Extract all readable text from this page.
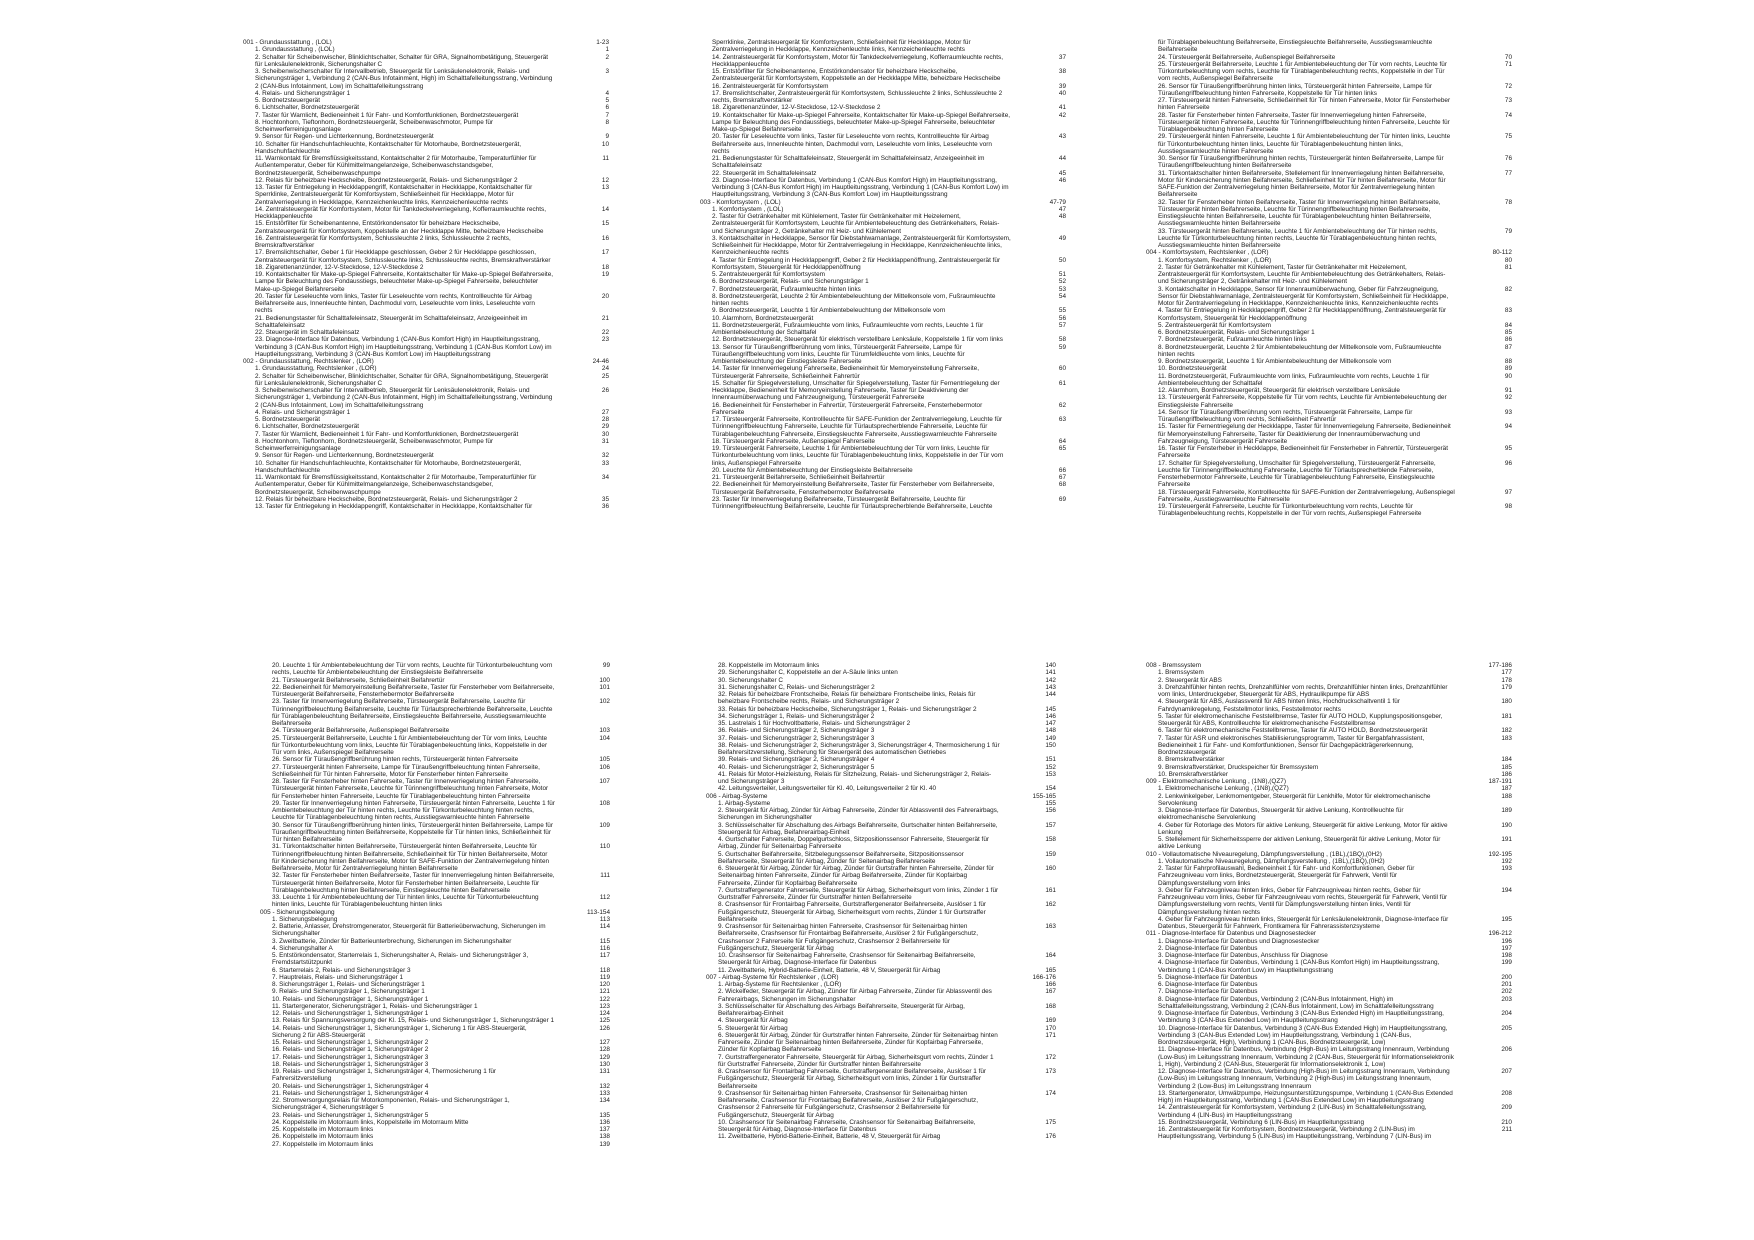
001 - Grundausstattung , (LOL)	1-23
1. Grundausstattung , (LOL)	1
2. Schalter für Scheibenwischer, Blinklichtschalter, Schalter für GRA, Signalhornbetätigung, Steuergerät für Lenksäulenelektronik, Sicherungshalter C
2
3. Scheibenwischerschalter für Intervallbetrieb, Steuergerät für Lenksäulenelektronik, Relais- und Sicherungsträger 1, Verbindung 2 (CAN-Bus Infotainment, High) im Schalttafelleitungsstrang, Verbindung 2 (CAN-Bus Infotainment, Low) im Schalttafelleitungsstrang
3
4. Relais- und Sicherungsträger 1	4
5. Bordnetzsteuergerät	5
6. Lichtschalter, Bordnetzsteuergerät	6
7. Taster für Warnlicht, Bedieneinheit 1 für Fahr- und Komfortfunktionen, Bordnetzsteuergerät	7
8. Hochtonhorn, Tieftonhorn, Bordnetzsteuergerät, Scheibenwaschmotor, Pumpe für Scheinwerferreinigungsanlage
8
9. Sensor für Regen- und Lichterkennung, Bordnetzsteuergerät	9
10. Schalter für Handschuhfachleuchte, Kontaktschalter für Motorhaube, Bordnetzsteuergerät, Handschuhfachleuchte
10
11. Warnkontakt für Bremsflüssigkeitsstand, Kontaktschalter 2 für Motorhaube, Temperaturfühler für Außentemperatur, Geber für Kühlmittelmangelanzeige, Scheibenwaschstandsgeber, Bordnetzsteuergerät, Scheibenwaschpumpe
11
12. Relais für beheizbare Heckscheibe, Bordnetzsteuergerät, Relais- und Sicherungsträger 2	12
13. Taster für Entriegelung in Heckklappengriff, Kontaktschalter in Heckklappe, Kontaktschalter für Sperrklinke, Zentralsteuergerät für Komfortsystem, Schließeinheit für Heckklappe, Motor für Zentralverriegelung in Heckklappe, Kennzeichenleuchte links, Kennzeichenleuchte rechts
13
14. Zentralsteuergerät für Komfortsystem, Motor für Tankdeckelverriegelung, Kofferraumleuchte rechts, Heckklappenleuchte
14
15. Entstörfilter für Scheibenantenne, Entstörkondensator für beheizbare Heckscheibe, Zentralsteuergerät für Komfortsystem, Koppelstelle an der Heckklappe Mitte, beheizbare Heckscheibe
15
16. Zentralsteuergerät für Komfortsystem, Schlussleuchte 2 links, Schlussleuchte 2 rechts, Bremskraftverstärker
16
17. Bremslichtschalter, Geber 1 für Heckklappe geschlossen, Geber 2 für Heckklappe geschlossen, Zentralsteuergerät für Komfortsystem, Schlussleuchte links, Schlussleuchte rechts, Bremskraftverstärker
17
18. Zigarettenanzünder, 12-V-Steckdose, 12-V-Steckdose 2	18
19. Kontaktschalter für Make-up-Spiegel Fahrerseite, Kontaktschalter für Make-up-Spiegel Beifahrerseite, Lampe für Beleuchtung des Fondausstiegs, beleuchteter Make-up-Spiegel Fahrerseite, beleuchteter Make-up-Spiegel Beifahrerseite
19
20. Taster für Leseleuchte vorn links, Taster für Leseleuchte vorn rechts, Kontrollleuchte für Airbag Beifahrerseite aus, Innenleuchte hinten, Dachmodul vorn, Leseleuchte vorn links, Leseleuchte vorn rechts
20
21. Bedienungstaster für Schalttafeleinsatz, Steuergerät im Schalttafeleinsatz, Anzeigeeinheit im Schalttafeleinsatz
21
22. Steuergerät im Schalttafeleinsatz	22
23. Diagnose-Interface für Datenbus, Verbindung 1 (CAN-Bus Komfort High) im Hauptleitungsstrang, Verbindung 3 (CAN-Bus Komfort High) im Hauptleitungsstrang, Verbindung 1 (CAN-Bus Komfort Low) im Hauptleitungsstrang, Verbindung 3 (CAN-Bus Komfort Low) im Hauptleitungsstrang
23
002 - Grundausstattung, Rechtslenker , (LOR)	24-46
1. Grundausstattung, Rechtslenker , (LOR)	24
2. Schalter für Scheibenwischer, Blinklichtschalter, Schalter für GRA, Signalhornbetätigung, Steuergerät für Lenksäulenelektronik, Sicherungshalter C
25
3. Scheibenwischerschalter für Intervallbetrieb, Steuergerät für Lenksäulenelektronik, Relais- und Sicherungsträger 1, Verbindung 2 (CAN-Bus Infotainment, High) im Schalttafelleitungsstrang, Verbindung 2 (CAN-Bus Infotainment, Low) im Schalttafelleitungsstrang
26
4. Relais- und Sicherungsträger 1	27
5. Bordnetzsteuergerät	28
6. Lichtschalter, Bordnetzsteuergerät	29
7. Taster für Warnlicht, Bedieneinheit 1 für Fahr- und Komfortfunktionen, Bordnetzsteuergerät	30
8. Hochtonhorn, Tieftonhorn, Bordnetzsteuergerät, Scheibenwaschmotor, Pumpe für Scheinwerferreinigungsanlage
31
9. Sensor für Regen- und Lichterkennung, Bordnetzsteuergerät	32
10. Schalter für Handschuhfachleuchte, Kontaktschalter für Motorhaube, Bordnetzsteuergerät, Handschuhfachleuchte
33
11. Warnkontakt für Bremsflüssigkeitsstand, Kontaktschalter 2 für Motorhaube, Temperaturfühler für Außentemperatur, Geber für Kühlmittelmangelanzeige, Scheibenwaschstandsgeber, Bordnetzsteuergerät, Scheibenwaschpumpe
34
12. Relais für beheizbare Heckscheibe, Bordnetzsteuergerät, Relais- und Sicherungsträger 2	35
13. Taster für Entriegelung in Heckklappengriff, Kontaktschalter in Heckklappe, Kontaktschalter für	36
Sperrklinke, Zentralsteuergerät für Komfortsystem, Schließeinheit für Heckklappe, Motor für Zentralverriegelung in Heckklappe, Kennzeichenleuchte links, Kennzeichenleuchte rechts
14. Zentralsteuergerät für Komfortsystem, Motor für Tankdeckelverriegelung, Kofferraumleuchte rechts, Heckklappenleuchte
37
15. Entstörfilter für Scheibenantenne, Entstörkondensator für beheizbare Heckscheibe, Zentralsteuergerät für Komfortsystem, Koppelstelle an der Heckklappe Mitte, beheizbare Heckscheibe
38
16. Zentralsteuergerät für Komfortsystem	39
17. Bremslichtschalter, Zentralsteuergerät für Komfortsystem, Schlussleuchte 2 links, Schlussleuchte 2 rechts, Bremskraftverstärker
40
18. Zigarettenanzünder, 12-V-Steckdose, 12-V-Steckdose 2	41
19. Kontaktschalter für Make-up-Spiegel Fahrerseite, Kontaktschalter für Make-up-Spiegel Beifahrerseite, Lampe für Beleuchtung des Fondausstiegs, beleuchteter Make-up-Spiegel Fahrerseite, beleuchteter Make-up-Spiegel Beifahrerseite
42
20. Taster für Leseleuchte vorn links, Taster für Leseleuchte vorn rechts, Kontrollleuchte für Airbag Beifahrerseite aus, Innenleuchte hinten, Dachmodul vorn, Leseleuchte vorn links, Leseleuchte vorn rechts
43
21. Bedienungstaster für Schalttafeleinsatz, Steuergerät im Schalttafeleinsatz, Anzeigeeinheit im Schalttafeleinsatz
44
22. Steuergerät im Schalttafeleinsatz	45
23. Diagnose-Interface für Datenbus, Verbindung 1 (CAN-Bus Komfort High) im Hauptleitungsstrang, Verbindung 3 (CAN-Bus Komfort High) im Hauptleitungsstrang, Verbindung 1 (CAN-Bus Komfort Low) im Hauptleitungsstrang, Verbindung 3 (CAN-Bus Komfort Low) im Hauptleitungsstrang
46
003 - Komfortsystem , (LOL)	47-79
1. Komfortsystem , (LOL)	47
2. Taster für Getränkehalter mit Kühlelement, Taster für Getränkehalter mit Heizelement, Zentralsteuergerät für Komfortsystem, Leuchte für Ambientebeleuchtung des Getränkehalters, Relais- und Sicherungsträger 2, Getränkehalter mit Heiz- und Kühlelement
48
3. Kontaktschalter in Heckklappe, Sensor für Diebstahlwarnanlage, Zentralsteuergerät für Komfortsystem, Schließeinheit für Heckklappe, Motor für Zentralverriegelung in Heckklappe, Kennzeichenleuchte links, Kennzeichenleuchte rechts
49
4. Taster für Entriegelung in Heckklappengriff, Geber 2 für Heckklappenöffnung, Zentralsteuergerät für Komfortsystem, Steuergerät für Heckklappenöffnung
50
5. Zentralsteuergerät für Komfortsystem	51
6. Bordnetzsteuergerät, Relais- und Sicherungsträger 1	52
7. Bordnetzsteuergerät, Fußraumleuchte hinten links	53
8. Bordnetzsteuergerät, Leuchte 2 für Ambientebeleuchtung der Mittelkonsole vorn, Fußraumleuchte hinten rechts
54
9. Bordnetzsteuergerät, Leuchte 1 für Ambientebeleuchtung der Mittelkonsole vorn	55
10. Alarmhorn, Bordnetzsteuergerät	56
11. Bordnetzsteuergerät, Fußraumleuchte vorn links, Fußraumleuchte vorn rechts, Leuchte 1 für Ambientebeleuchtung der Schalttafel
57
12. Bordnetzsteuergerät, Steuergerät für elektrisch verstellbare Lenksäule, Koppelstelle 1 für vorn links	58
13. Sensor für Türaußengriffberührung vorn links, Türsteuergerät Fahrerseite, Lampe für Türaußengriffbeleuchtung vorn links, Leuchte für Türumfeldleuchte vorn links, Leuchte für Ambientebeleuchtung der Einstiegsleiste Fahrerseite
59
14. Taster für Innenverriegelung Fahrerseite, Bedieneinheit für Memoryeinstellung Fahrerseite, Türsteuergerät Fahrerseite, Schließeinheit Fahrertür
60
15. Schalter für Spiegelverstellung, Umschalter für Spiegelverstellung, Taster für Fernentriegelung der Heckklappe, Bedieneinheit für Memoryeinstellung Fahrerseite, Taster für Deaktivierung der Innenraumüberwachung und Fahrzeugneigung, Türsteuergerät Fahrerseite
61
16. Bedieneinheit für Fensterheber in Fahrertür, Türsteuergerät Fahrerseite, Fensterhebermotor Fahrerseite
62
17. Türsteuergerät Fahrerseite, Kontrollleuchte für SAFE-Funktion der Zentralverriegelung, Leuchte für Türinnengriffbeleuchtung Fahrerseite, Leuchte für Türlautsprecherblende Fahrerseite, Leuchte für Türablagenbeleuchtung Fahrerseite, Einstiegsleuchte Fahrerseite, Ausstiegswarnleuchte Fahrerseite
63
18. Türsteuergerät Fahrerseite, Außenspiegel Fahrerseite	64
19. Türsteuergerät Fahrerseite, Leuchte 1 für Ambientebeleuchtung der Tür vorn links, Leuchte für Türkonturbeleuchtung vorn links, Leuchte für Türablagenbeleuchtung links, Koppelstelle in der Tür vorn links, Außenspiegel Fahrerseite
65
20. Leuchte für Ambientebeleuchtung der Einstiegsleiste Beifahrerseite	66
21. Türsteuergerät Beifahrerseite, Schließeinheit Beifahrertür	67
22. Bedieneinheit für Memoryeinstellung Beifahrerseite, Taster für Fensterheber vorn Beifahrerseite, Türsteuergerät Beifahrerseite, Fensterhebermotor Beifahrerseite
68
23. Taster für Innenverriegelung Beifahrerseite, Türsteuergerät Beifahrerseite, Leuchte für Türinnengriffbeleuchtung Beifahrerseite, Leuchte für Türlautsprecherblende Beifahrerseite, Leuchte
69
für Türablagenbeleuchtung Beifahrerseite, Einstiegsleuchte Beifahrerseite, Ausstiegswarnleuchte Beifahrerseite
24. Türsteuergerät Beifahrerseite, Außenspiegel Beifahrerseite	70
25. Türsteuergerät Beifahrerseite, Leuchte 1 für Ambientebeleuchtung der Tür vorn rechts, Leuchte für Türkonturbeleuchtung vorn rechts, Leuchte für Türablagenbeleuchtung rechts, Koppelstelle in der Tür vorn rechts, Außenspiegel Beifahrerseite
71
26. Sensor für Türaußengriffberührung hinten links, Türsteuergerät hinten Fahrerseite, Lampe für Türaußengriffbeleuchtung hinten Fahrerseite, Koppelstelle für Tür hinten links
72
27. Türsteuergerät hinten Fahrerseite, Schließeinheit für Tür hinten Fahrerseite, Motor für Fensterheber hinten Fahrerseite
73
28. Taster für Fensterheber hinten Fahrerseite, Taster für Innenverriegelung hinten Fahrerseite, Türsteuergerät hinten Fahrerseite, Leuchte für Türinnengriffbeleuchtung hinten Fahrerseite, Leuchte für Türablagenbeleuchtung hinten Fahrerseite
74
29. Türsteuergerät hinten Fahrerseite, Leuchte 1 für Ambientebeleuchtung der Tür hinten links, Leuchte für Türkonturbeleuchtung hinten links, Leuchte für Türablagenbeleuchtung hinten links, Ausstiegswarnleuchte hinten Fahrerseite
75
30. Sensor für Türaußengriffberührung hinten rechts, Türsteuergerät hinten Beifahrerseite, Lampe für Türaußengriffbeleuchtung hinten Beifahrerseite
76
31. Türkontaktschalter hinten Beifahrerseite, Stellelement für Innenverriegelung hinten Beifahrerseite, Motor für Kindersicherung hinten Beifahrerseite, Schließeinheit für Tür hinten Beifahrerseite, Motor für SAFE-Funktion der Zentralverriegelung hinten Beifahrerseite, Motor für Zentralverriegelung hinten Beifahrerseite
77
32. Taster für Fensterheber hinten Beifahrerseite, Taster für Innenverriegelung hinten Beifahrerseite, Türsteuergerät hinten Beifahrerseite, Leuchte für Türinnengriffbeleuchtung hinten Beifahrerseite, Einstiegsleuchte hinten Beifahrerseite, Leuchte für Türablagenbeleuchtung hinten Beifahrerseite, Ausstiegswarnleuchte hinten Beifahrerseite
78
33. Türsteuergerät hinten Beifahrerseite, Leuchte 1 für Ambientebeleuchtung der Tür hinten rechts, Leuchte für Türkonturbeleuchtung hinten rechts, Leuchte für Türablagenbeleuchtung hinten rechts, Ausstiegswarnleuchte hinten Beifahrerseite
79
004 - Komfortsystem, Rechtslenker , (LOR)	80-112
1. Komfortsystem, Rechtslenker , (LOR)	80
2. Taster für Getränkehalter mit Kühlelement, Taster für Getränkehalter mit Heizelement, Zentralsteuergerät für Komfortsystem, Leuchte für Ambientebeleuchtung des Getränkehalters, Relais- und Sicherungsträger 2, Getränkehalter mit Heiz- und Kühlelement
81
3. Kontaktschalter in Heckklappe, Sensor für Innenraumüberwachung, Geber für Fahrzeugneigung, Sensor für Diebstahlwarnanlage, Zentralsteuergerät für Komfortsystem, Schließeinheit für Heckklappe, Motor für Zentralverriegelung in Heckklappe, Kennzeichenleuchte links, Kennzeichenleuchte rechts
82
4. Taster für Entriegelung in Heckklappengriff, Geber 2 für Heckklappenöffnung, Zentralsteuergerät für Komfortsystem, Steuergerät für Heckklappenöffnung
83
5. Zentralsteuergerät für Komfortsystem	84
6. Bordnetzsteuergerät, Relais- und Sicherungsträger 1	85
7. Bordnetzsteuergerät, Fußraumleuchte hinten links	86
8. Bordnetzsteuergerät, Leuchte 2 für Ambientebeleuchtung der Mittelkonsole vorn, Fußraumleuchte hinten rechts
87
9. Bordnetzsteuergerät, Leuchte 1 für Ambientebeleuchtung der Mittelkonsole vorn	88
10. Bordnetzsteuergerät	89
11. Bordnetzsteuergerät, Fußraumleuchte vorn links, Fußraumleuchte vorn rechts, Leuchte 1 für Ambientebeleuchtung der Schalttafel
90
12. Alarmhorn, Bordnetzsteuergerät, Steuergerät für elektrisch verstellbare Lenksäule	91
13. Türsteuergerät Fahrerseite, Koppelstelle für Tür vorn rechts, Leuchte für Ambientebeleuchtung der Einstiegsleiste Fahrerseite
92
14. Sensor für Türaußengriffberührung vorn rechts, Türsteuergerät Fahrerseite, Lampe für Türaußengriffbeleuchtung vorn rechts, Schließeinheit Fahrertür
93
15. Taster für Fernentriegelung der Heckklappe, Taster für Innenverriegelung Fahrerseite, Bedieneinheit für Memoryeinstellung Fahrerseite, Taster für Deaktivierung der Innenraumüberwachung und Fahrzeugneigung, Türsteuergerät Fahrerseite
94
16. Taster für Fensterheber in Heckklappe, Bedieneinheit für Fensterheber in Fahrertür, Türsteuergerät Fahrerseite
95
17. Schalter für Spiegelverstellung, Umschalter für Spiegelverstellung, Türsteuergerät Fahrerseite, Leuchte für Türinnengriffbeleuchtung Fahrerseite, Leuchte für Türlautsprecherblende Fahrerseite, Fensterhebermotor Fahrerseite, Leuchte für Türablagenbeleuchtung Fahrerseite, Einstiegsleuchte Fahrerseite
96
18. Türsteuergerät Fahrerseite, Kontrollleuchte für SAFE-Funktion der Zentralverriegelung, Außenspiegel Fahrerseite, Ausstiegswarnleuchte Fahrerseite
97
19. Türsteuergerät Fahrerseite, Leuchte für Türkonturbeleuchtung vorn rechts, Leuchte für Türablagenbeleuchtung rechts, Koppelstelle in der Tür vorn rechts, Außenspiegel Fahrerseite
98
20. Leuchte 1 für Ambientebeleuchtung der Tür vorn rechts, Leuchte für Türkonturbeleuchtung vorn rechts, Leuchte für Ambientebeleuchtung der Einstiegsleiste Beifahrerseite
99
21. Türsteuergerät Beifahrerseite, Schließeinheit Beifahrertür	100
22. Bedieneinheit für Memoryeinstellung Beifahrerseite, Taster für Fensterheber vorn Beifahrerseite, Türsteuergerät Beifahrerseite, Fensterhebermotor Beifahrerseite
101
23. Taster für Innenverriegelung Beifahrerseite, Türsteuergerät Beifahrerseite, Leuchte für Türinnengriffbeleuchtung Beifahrerseite, Leuchte für Türlautsprecherblende Beifahrerseite, Leuchte für Türablagenbeleuchtung Beifahrerseite, Einstiegsleuchte Beifahrerseite, Ausstiegswarnleuchte Beifahrerseite
102
24. Türsteuergerät Beifahrerseite, Außenspiegel Beifahrerseite	103
25. Türsteuergerät Beifahrerseite, Leuchte 1 für Ambientebeleuchtung der Tür vorn links, Leuchte für Türkonturbeleuchtung vorn links, Leuchte für Türablagenbeleuchtung links, Koppelstelle in der Tür vorn links, Außenspiegel Beifahrerseite
104
26. Sensor für Türaußengriffberührung hinten rechts, Türsteuergerät hinten Fahrerseite	105
27. Türsteuergerät hinten Fahrerseite, Lampe für Türaußengriffbeleuchtung hinten Fahrerseite, Schließeinheit für Tür hinten Fahrerseite, Motor für Fensterheber hinten Fahrerseite
106
28. Taster für Fensterheber hinten Fahrerseite, Taster für Innenverriegelung hinten Fahrerseite, Türsteuergerät hinten Fahrerseite, Leuchte für Türinnengriffbeleuchtung hinten Fahrerseite, Motor für Fensterheber hinten Fahrerseite, Leuchte für Türablagenbeleuchtung hinten Fahrerseite
107
29. Taster für Innenverriegelung hinten Fahrerseite, Türsteuergerät hinten Fahrerseite, Leuchte 1 für Ambientebeleuchtung der Tür hinten rechts, Leuchte für Türkonturbeleuchtung hinten rechts, Leuchte für Türablagenbeleuchtung hinten rechts, Ausstiegswarnleuchte hinten Fahrerseite
108
30. Sensor für Türaußengriffberührung hinten links, Türsteuergerät hinten Beifahrerseite, Lampe für Türaußengriffbeleuchtung hinten Beifahrerseite, Koppelstelle für Tür hinten links, Schließeinheit für Tür hinten Beifahrerseite
109
31. Türkontaktschalter hinten Beifahrerseite, Türsteuergerät hinten Beifahrerseite, Leuchte für Türinnengriffbeleuchtung hinten Beifahrerseite, Schließeinheit für Tür hinten Beifahrerseite, Motor für Kindersicherung hinten Beifahrerseite, Motor für SAFE-Funktion der Zentralverriegelung hinten Beifahrerseite, Motor für Zentralverriegelung hinten Beifahrerseite
110
32. Taster für Fensterheber hinten Beifahrerseite, Taster für Innenverriegelung hinten Beifahrerseite, Türsteuergerät hinten Beifahrerseite, Motor für Fensterheber hinten Beifahrerseite, Leuchte für Türablagenbeleuchtung hinten Beifahrerseite, Einstiegsleuchte hinten Beifahrerseite
111
33. Leuchte 1 für Ambientebeleuchtung der Tür hinten links, Leuchte für Türkonturbeleuchtung hinten links, Leuchte für Türablagenbeleuchtung hinten links
112
005 - Sicherungsbelegung	113-154
1. Sicherungsbelegung	113
2. Batterie, Anlasser, Drehstromgenerator, Steuergerät für Batterieüberwachung, Sicherungen im Sicherungshalter
114
3. Zweitbatterie, Zünder für Batterieunterbrechung, Sicherungen im Sicherungshalter	115
4. Sicherungshalter A	116
5. Entstörkondensator, Starterrelais 1, Sicherungshalter A, Relais- und Sicherungsträger 3, Fremdstartstützpunkt
117
6. Starterrelais 2, Relais- und Sicherungsträger 3	118
7. Hauptrelais, Relais- und Sicherungsträger 1	119
8. Sicherungsträger 1, Relais- und Sicherungsträger 1	120
9. Relais- und Sicherungsträger 1, Sicherungsträger 1	121
10. Relais- und Sicherungsträger 1, Sicherungsträger 1	122
11. Startergenerator, Sicherungsträger 1, Relais- und Sicherungsträger 1	123
12. Relais- und Sicherungsträger 1, Sicherungsträger 1	124
13. Relais für Spannungsversorgung der Kl. 15, Relais- und Sicherungsträger 1, Sicherungsträger 1	125
14. Relais- und Sicherungsträger 1, Sicherungsträger 1, Sicherung 1 für ABS-Steuergerät, Sicherung 2 für ABS-Steuergerät
126
15. Relais- und Sicherungsträger 1, Sicherungsträger 2	127
16. Relais- und Sicherungsträger 1, Sicherungsträger 2	128
17. Relais- und Sicherungsträger 1, Sicherungsträger 3	129
18. Relais- und Sicherungsträger 1, Sicherungsträger 3	130
19. Relais- und Sicherungsträger 1, Sicherungsträger 4, Thermosicherung 1 für Fahrersitzverstellung
131
20. Relais- und Sicherungsträger 1, Sicherungsträger 4	132
21. Relais- und Sicherungsträger 1, Sicherungsträger 4	133
22. Stromversorgungsrelais für Motorkomponenten, Relais- und Sicherungsträger 1, Sicherungsträger 4, Sicherungsträger 5
134
23. Relais- und Sicherungsträger 1, Sicherungsträger 5	135
24. Koppelstelle im Motorraum links, Koppelstelle im Motorraum Mitte	136
25. Koppelstelle im Motorraum links	137
26. Koppelstelle im Motorraum links	138
27. Koppelstelle im Motorraum links	139
28. Koppelstelle im Motorraum links	140
29. Sicherungshalter C, Koppelstelle an der A-Säule links unten	141
30. Sicherungshalter C	142
31. Sicherungshalter C, Relais- und Sicherungsträger 2	143
32. Relais für beheizbare Frontscheibe, Relais für beheizbare Frontscheibe links, Relais für beheizbare Frontscheibe rechts, Relais- und Sicherungsträger 2
144
33. Relais für beheizbare Heckscheibe, Sicherungsträger 1, Relais- und Sicherungsträger 2	145
34. Sicherungsträger 1, Relais- und Sicherungsträger 2	146
35. Lastrelais 1 für Hochvoltbatterie, Relais- und Sicherungsträger 2	147
36. Relais- und Sicherungsträger 2, Sicherungsträger 3	148
37. Relais- und Sicherungsträger 2, Sicherungsträger 3	149
38. Relais- und Sicherungsträger 2, Sicherungsträger 3, Sicherungsträger 4, Thermosicherung 1 für Beifahrersitzverstellung, Sicherung für Steuergerät des automatischen Getriebes
150
39. Relais- und Sicherungsträger 2, Sicherungsträger 4	151
40. Relais- und Sicherungsträger 2, Sicherungsträger 5	152
41. Relais für Motor-Heizleistung, Relais für Sitzheizung, Relais- und Sicherungsträger 2, Relais- und Sicherungsträger 3
153
42. Leitungsverteiler, Leitungsverteiler für Kl. 40, Leitungsverteiler 2 für Kl. 40	154
006 - Airbag-Systeme	155-165
1. Airbag-Systeme	155
2. Steuergerät für Airbag, Zünder für Airbag Fahrerseite, Zünder für Ablassventil des Fahrerairbags, Sicherungen im Sicherungshalter
156
3. Schlüsselschalter für Abschaltung des Airbags Beifahrerseite, Gurtschalter hinten Beifahrerseite, Steuergerät für Airbag, Beifahrerairbag-Einheit
157
4. Gurtschalter Fahrerseite, Doppelgurtschloss, Sitzpositionssensor Fahrerseite, Steuergerät für Airbag, Zünder für Seitenairbag Fahrerseite
158
5. Gurtschalter Beifahrerseite, Sitzbelegungssensor Beifahrerseite, Sitzpositionssensor Beifahrerseite, Steuergerät für Airbag, Zünder für Seitenairbag Beifahrerseite
159
6. Steuergerät für Airbag, Zünder für Airbag, Zünder für Gurtstraffer hinten Fahrerseite, Zünder für Seitenairbag hinten Fahrerseite, Zünder für Airbag Beifahrerseite, Zünder für Kopfairbag Fahrerseite, Zünder für Kopfairbag Beifahrerseite
160
7. Gurtstraffergenerator Fahrerseite, Steuergerät für Airbag, Sicherheitsgurt vorn links, Zünder 1 für Gurtstraffer Fahrerseite, Zünder für Gurtstraffer hinten Beifahrerseite
161
8. Crashsensor für Frontairbag Fahrerseite, Gurtstraffergenerator Beifahrerseite, Auslöser 1 für Fußgängerschutz, Steuergerät für Airbag, Sicherheitsgurt vorn rechts, Zünder 1 für Gurtstraffer Beifahrerseite
162
9. Crashsensor für Seitenairbag hinten Fahrerseite, Crashsensor für Seitenairbag hinten Beifahrerseite, Crashsensor für Frontairbag Beifahrerseite, Auslöser 2 für Fußgängerschutz, Crashsensor 2 Fahrerseite für Fußgängerschutz, Crashsensor 2 Beifahrerseite für Fußgängerschutz, Steuergerät für Airbag
163
10. Crashsensor für Seitenairbag Fahrerseite, Crashsensor für Seitenairbag Beifahrerseite, Steuergerät für Airbag, Diagnose-Interface für Datenbus
164
11. Zweitbatterie, Hybrid-Batterie-Einheit, Batterie, 48 V, Steuergerät für Airbag	165
007 - Airbag-Systeme für Rechtslenker , (LOR)	166-176
1. Airbag-Systeme für Rechtslenker , (LOR)	166
2. Wickelfeder, Steuergerät für Airbag, Zünder für Airbag Fahrerseite, Zünder für Ablassventil des Fahrerairbags, Sicherungen im Sicherungshalter
167
3. Schlüsselschalter für Abschaltung des Airbags Beifahrerseite, Steuergerät für Airbag, Beifahrerairbag-Einheit
168
4. Steuergerät für Airbag	169
5. Steuergerät für Airbag	170
6. Steuergerät für Airbag, Zünder für Gurtstraffer hinten Fahrerseite, Zünder für Seitenairbag hinten Fahrerseite, Zünder für Seitenairbag hinten Beifahrerseite, Zünder für Kopfairbag Fahrerseite, Zünder für Kopfairbag Beifahrerseite
171
7. Gurtstraffergenerator Fahrerseite, Steuergerät für Airbag, Sicherheitsgurt vorn rechts, Zünder 1 für Gurtstraffer Fahrerseite, Zünder für Gurtstraffer hinten Beifahrerseite
172
8. Crashsensor für Frontairbag Fahrerseite, Gurtstraffergenerator Beifahrerseite, Auslöser 1 für Fußgängerschutz, Steuergerät für Airbag, Sicherheitsgurt vorn links, Zünder 1 für Gurtstraffer Beifahrerseite
173
9. Crashsensor für Seitenairbag hinten Fahrerseite, Crashsensor für Seitenairbag hinten Beifahrerseite, Crashsensor für Frontairbag Beifahrerseite, Auslöser 2 für Fußgängerschutz, Crashsensor 2 Fahrerseite für Fußgängerschutz, Crashsensor 2 Beifahrerseite für Fußgängerschutz, Steuergerät für Airbag
174
10. Crashsensor für Seitenairbag Fahrerseite, Crashsensor für Seitenairbag Beifahrerseite, Steuergerät für Airbag, Diagnose-Interface für Datenbus
175
11. Zweitbatterie, Hybrid-Batterie-Einheit, Batterie, 48 V, Steuergerät für Airbag	176
008 - Bremssystem	177-186
1. Bremssystem	177
2. Steuergerät für ABS	178
3. Drehzahlfühler hinten rechts, Drehzahlfühler vorn rechts, Drehzahlfühler hinten links, Drehzahlfühler vorn links, Unterdruckgeber, Steuergerät für ABS, Hydraulikpumpe für ABS
179
4. Steuergerät für ABS, Auslassventil für ABS hinten links, Hochdruckschaltventil 1 für Fahrdynamikregelung, Feststellmotor links, Feststellmotor rechts
180
5. Taster für elektromechanische Feststellbremse, Taster für AUTO HOLD, Kupplungspositionsgeber, Steuergerät für ABS, Kontrollleuchte für elektromechanische Feststellbremse
181
6. Taster für elektromechanische Feststellbremse, Taster für AUTO HOLD, Bordnetzsteuergerät	182
7. Taster für ASR und elektronisches Stabilisierungsprogramm, Taster für Bergabfahrassistent, Bedieneinheit 1 für Fahr- und Komfortfunktionen, Sensor für Dachgepäckträgererkennung, Bordnetzsteuergerät
183
8. Bremskraftverstärker	184
9. Bremskraftverstärker, Druckspeicher für Bremssystem	185
10. Bremskraftverstärker	186
009 - Elektromechanische Lenkung , (1N8),(QZ7)	187-191
1. Elektromechanische Lenkung , (1N8),(QZ7)	187
2. Lenkwinkelgeber, Lenkmomentgeber, Steuergerät für Lenkhilfe, Motor für elektromechanische Servolenkung
188
3. Diagnose-Interface für Datenbus, Steuergerät für aktive Lenkung, Kontrollleuchte für elektromechanische Servolenkung
189
4. Geber für Rotorlage des Motors für aktive Lenkung, Steuergerät für aktive Lenkung, Motor für aktive Lenkung
190
5. Stellelement für Sicherheitssperre der aktiven Lenkung, Steuergerät für aktive Lenkung, Motor für aktive Lenkung
191
010 - Vollautomatische Niveauregelung, Dämpfungsverstellung , (1BL),(1BQ),(0H2)	192-195
1. Vollautomatische Niveauregelung, Dämpfungsverstellung , (1BL),(1BQ),(0H2)	192
2. Taster für Fahrprofilauswahl, Bedieneinheit 1 für Fahr- und Komfortfunktionen, Geber für Fahrzeugniveau vorn links, Bordnetzsteuergerät, Steuergerät für Fahrwerk, Ventil für Dämpfungsverstellung vorn links
193
3. Geber für Fahrzeugniveau hinten links, Geber für Fahrzeugniveau hinten rechts, Geber für Fahrzeugniveau vorn links, Geber für Fahrzeugniveau vorn rechts, Steuergerät für Fahrwerk, Ventil für Dämpfungsverstellung vorn rechts, Ventil für Dämpfungsverstellung hinten links, Ventil für Dämpfungsverstellung hinten rechts
194
4. Geber für Fahrzeugniveau hinten links, Steuergerät für Lenksäulenelektronik, Diagnose-Interface für Datenbus, Steuergerät für Fahrwerk, Frontkamera für Fahrerassistenzsysteme
195
011 - Diagnose-Interface für Datenbus und Diagnosestecker	196-212
1. Diagnose-Interface für Datenbus und Diagnosestecker	196
2. Diagnose-Interface für Datenbus	197
3. Diagnose-Interface für Datenbus, Anschluss für Diagnose	198
4. Diagnose-Interface für Datenbus, Verbindung 1 (CAN-Bus Komfort High) im Hauptleitungsstrang, Verbindung 1 (CAN-Bus Komfort Low) im Hauptleitungsstrang
199
5. Diagnose-Interface für Datenbus	200
6. Diagnose-Interface für Datenbus	201
7. Diagnose-Interface für Datenbus	202
8. Diagnose-Interface für Datenbus, Verbindung 2 (CAN-Bus Infotainment, High) im Schalttafelleitungsstrang, Verbindung 2 (CAN-Bus Infotainment, Low) im Schalttafelleitungsstrang
203
9. Diagnose-Interface für Datenbus, Verbindung 3 (CAN-Bus Extended High) im Hauptleitungsstrang, Verbindung 3 (CAN-Bus Extended Low) im Hauptleitungsstrang
204
10. Diagnose-Interface für Datenbus, Verbindung 3 (CAN-Bus Extended High) im Hauptleitungsstrang, Verbindung 3 (CAN-Bus Extended Low) im Hauptleitungsstrang, Verbindung 1 (CAN-Bus, Bordnetzsteuergerät, High), Verbindung 1 (CAN-Bus, Bordnetzsteuergerät, Low)
205
11. Diagnose-Interface für Datenbus, Verbindung (High-Bus) im Leitungsstrang Innenraum, Verbindung (Low-Bus) im Leitungsstrang Innenraum, Verbindung 2 (CAN-Bus, Steuergerät für Informationselektronik 1, High), Verbindung 2 (CAN-Bus, Steuergerät für Informationselektronik 1, Low)
206
12. Diagnose-Interface für Datenbus, Verbindung (High-Bus) im Leitungsstrang Innenraum, Verbindung (Low-Bus) im Leitungsstrang Innenraum, Verbindung 2 (High-Bus) im Leitungsstrang Innenraum, Verbindung 2 (Low-Bus) im Leitungsstrang Innenraum
207
13. Startergenerator, Umwälzpumpe, Heizungsunterstützungspumpe, Verbindung 1 (CAN-Bus Extended High) im Hauptleitungsstrang, Verbindung 1 (CAN-Bus Extended Low) im Hauptleitungsstrang
208
14. Zentralsteuergerät für Komfortsystem, Verbindung 2 (LIN-Bus) im Schalttafelleitungsstrang, Verbindung 4 (LIN-Bus) im Hauptleitungsstrang
209
15. Bordnetzsteuergerät, Verbindung 6 (LIN-Bus) im Hauptleitungsstrang	210
16. Zentralsteuergerät für Komfortsystem, Bordnetzsteuergerät, Verbindung 2 (LIN-Bus) im Hauptleitungsstrang, Verbindung 5 (LIN-Bus) im Hauptleitungsstrang, Verbindung 7 (LIN-Bus) im
211
